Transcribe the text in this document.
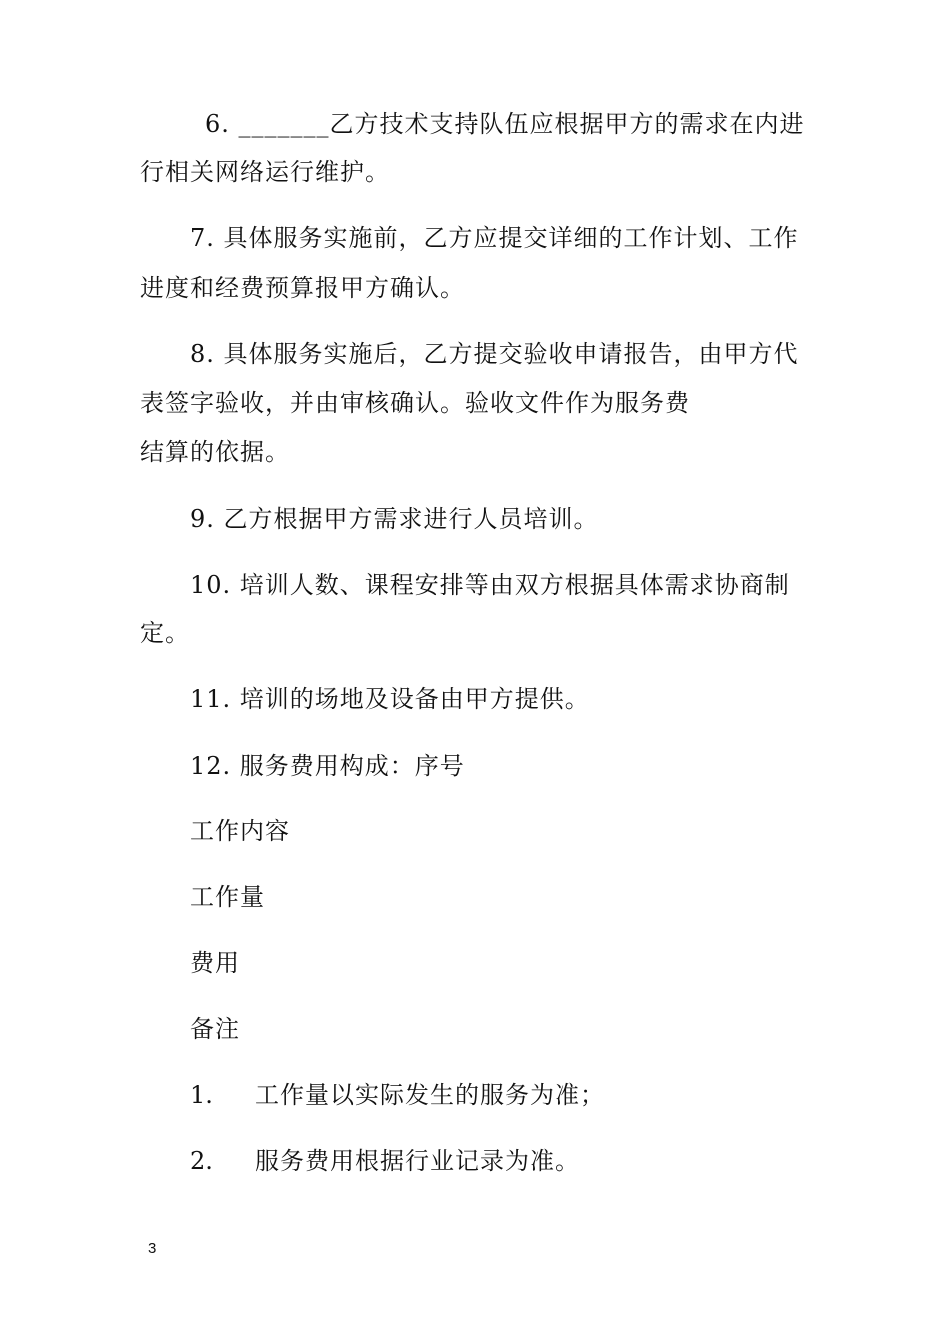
6. _______乙方技术支持队伍应根据甲方的需求在内进
行相关网络运行维护。
7. 具体服务实施前，乙方应提交详细的工作计划、工作
进度和经费预算报甲方确认。
8. 具体服务实施后，乙方提交验收申请报告，由甲方代
表签字验收，并由审核确认。验收文件作为服务费
结算的依据。
9. 乙方根据甲方需求进行人员培训。
10. 培训人数、课程安排等由双方根据具体需求协商制
定。
11. 培训的场地及设备由甲方提供。
12. 服务费用构成：序号
工作内容
工作量
费用
备注
1. 工作量以实际发生的服务为准；
2. 服务费用根据行业记录为准。
3
